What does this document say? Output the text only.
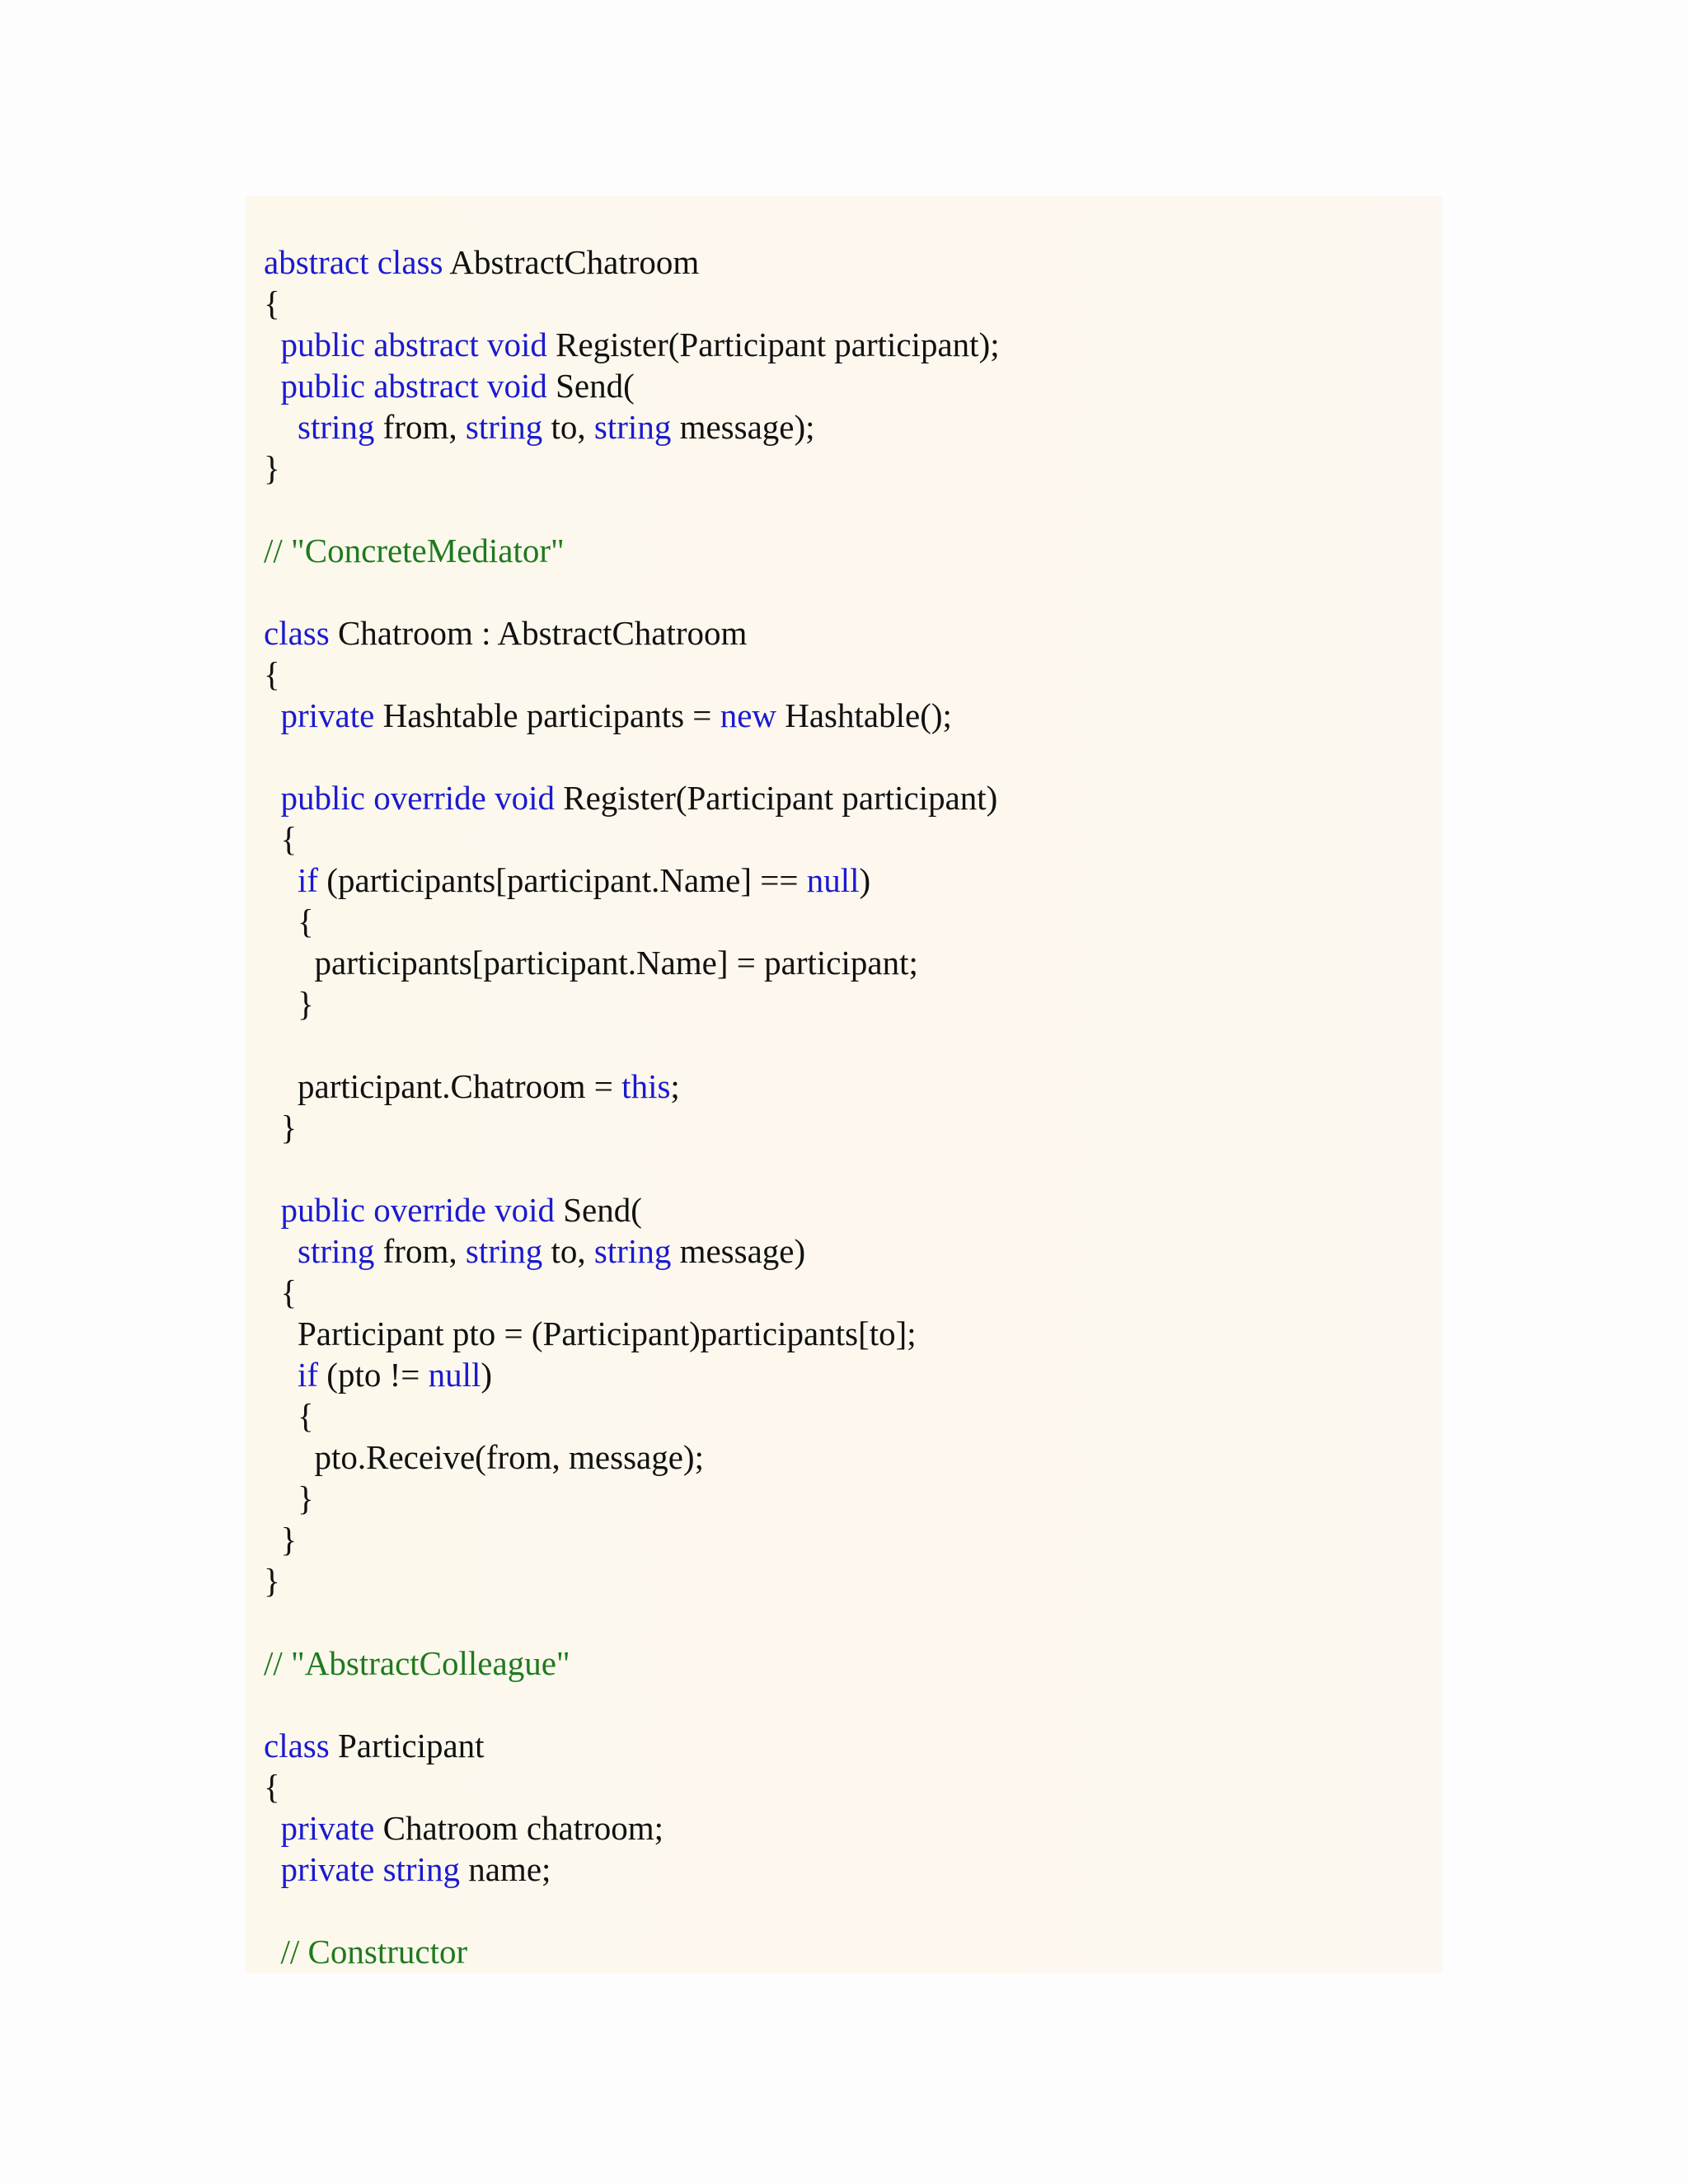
abstract class AbstractChatroom
{
public abstract void Register(Participant participant);
public abstract void Send(
string from, string to, string message);
}
// "ConcreteMediator"
class Chatroom : AbstractChatroom
{
private Hashtable participants = new Hashtable();
public override void Register(Participant participant)
{
if (participants[participant.Name] == null)
{
participants[participant.Name] = participant;
}
participant.Chatroom = this;
}
public override void Send(
string from, string to, string message)
{
Participant pto = (Participant)participants[to];
if (pto != null)
{
pto.Receive(from, message);
}
}
}
// "AbstractColleague"
class Participant
{
private Chatroom chatroom;
private string name;
// Constructor
